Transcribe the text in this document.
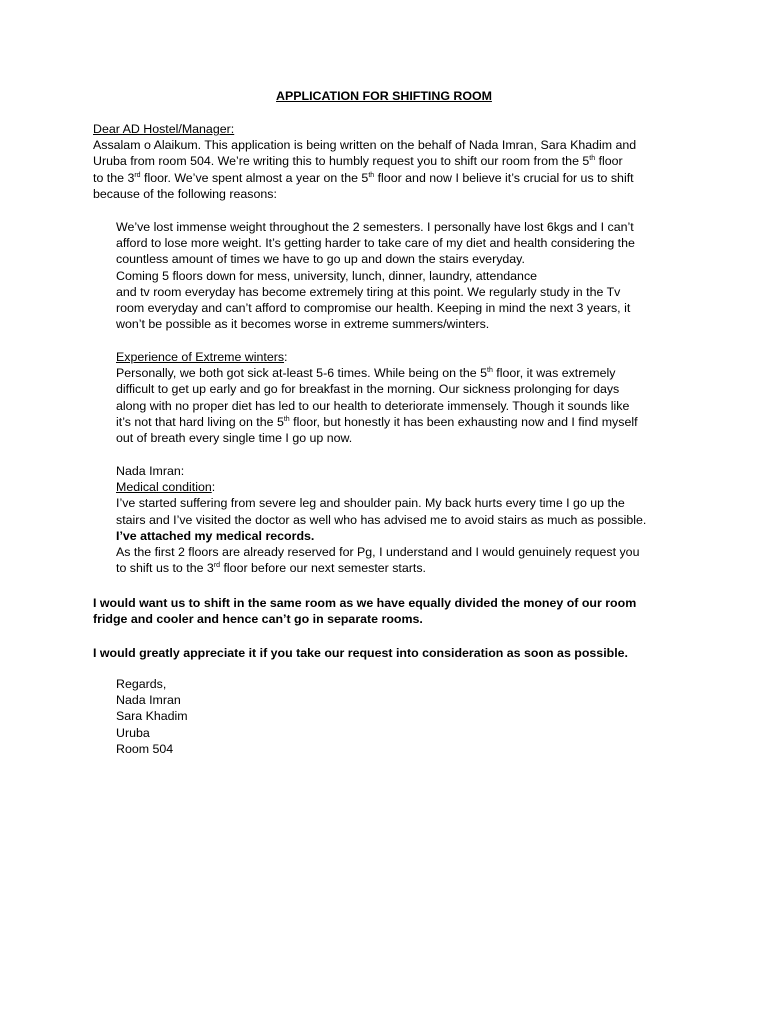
APPLICATION FOR SHIFTING ROOM
Dear AD Hostel/Manager:
Assalam o Alaikum. This application is being written on the behalf of Nada Imran, Sara Khadim and
Uruba from room 504. We’re writing this to humbly request you to shift our room from the 5th floor
to the 3rd floor. We’ve spent almost a year on the 5th floor and now I believe it’s crucial for us to shift
because of the following reasons:
We’ve lost immense weight throughout the 2 semesters. I personally have lost 6kgs and I can’t
afford to lose more weight. It’s getting harder to take care of my diet and health considering the
countless amount of times we have to go up and down the stairs everyday.
Coming 5 floors down for mess, university, lunch, dinner, laundry, attendance
and tv room everyday has become extremely tiring at this point. We regularly study in the Tv
room everyday and can’t afford to compromise our health. Keeping in mind the next 3 years, it
won’t be possible as it becomes worse in extreme summers/winters.
Experience of Extreme winters:
Personally, we both got sick at-least 5-6 times. While being on the 5th floor, it was extremely
difficult to get up early and go for breakfast in the morning. Our sickness prolonging for days
along with no proper diet has led to our health to deteriorate immensely. Though it sounds like
it’s not that hard living on the 5th floor, but honestly it has been exhausting now and I find myself
out of breath every single time I go up now.
Nada Imran:
Medical condition:
I’ve started suffering from severe leg and shoulder pain. My back hurts every time I go up the
stairs and I’ve visited the doctor as well who has advised me to avoid stairs as much as possible.
I’ve attached my medical records.
As the first 2 floors are already reserved for Pg, I understand and I would genuinely request you
to shift us to the 3rd floor before our next semester starts.
I would want us to shift in the same room as we have equally divided the money of our room
fridge and cooler and hence can’t go in separate rooms.
I would greatly appreciate it if you take our request into consideration as soon as possible.
Regards,
Nada Imran
Sara Khadim
Uruba
Room 504
